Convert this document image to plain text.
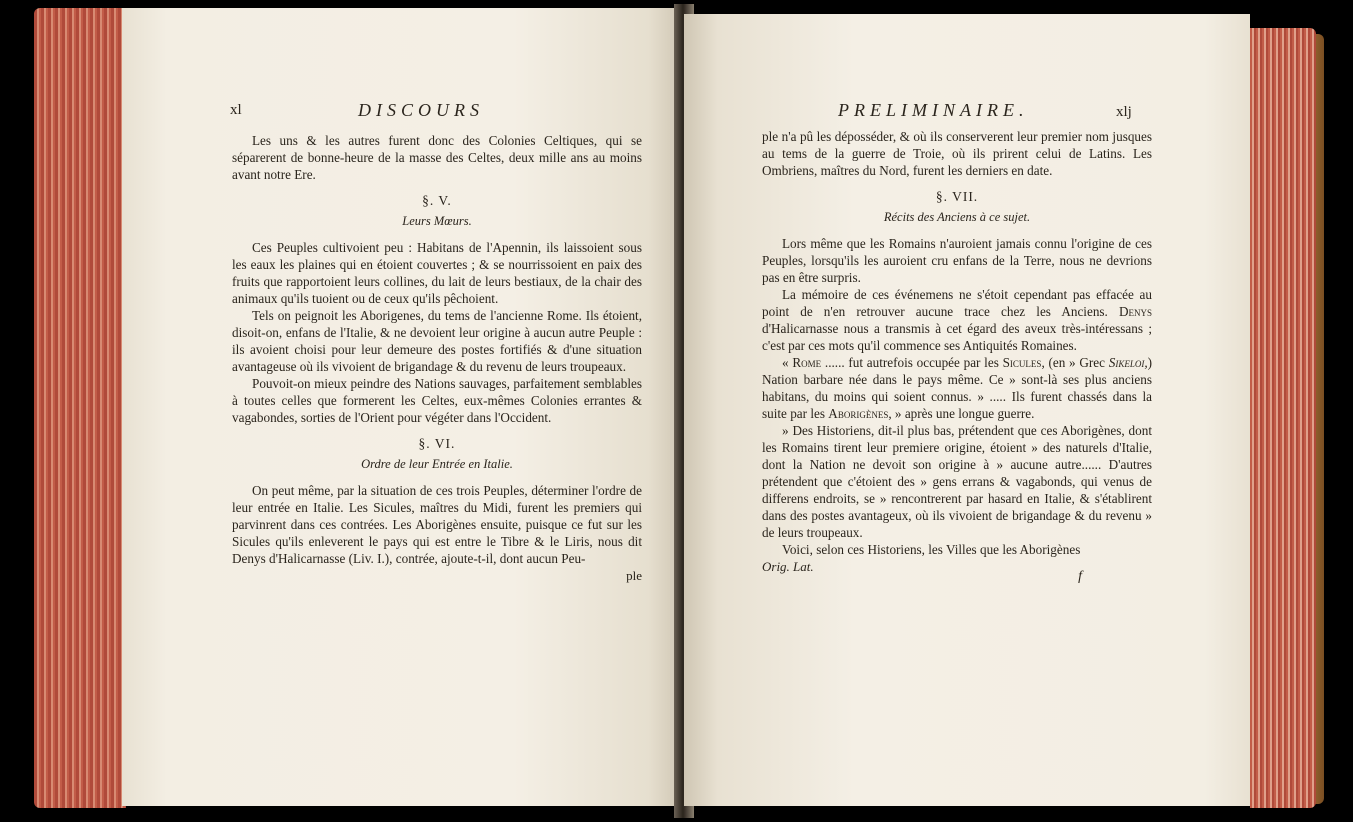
xl	DISCOURS

Les uns & les autres furent donc des Colonies Celtiques, qui se séparerent de bonne-heure de la masse des Celtes, deux mille ans au moins avant notre Ere.

§. V.
Leurs Mœurs.

Ces Peuples cultivoient peu : Habitans de l'Apennin, ils laissoient sous les eaux les plaines qui en étoient couvertes ; & se nourrissoient en paix des fruits que rapportoient leurs collines, du lait de leurs bestiaux, de la chair des animaux qu'ils tuoient ou de ceux qu'ils pêchoient.

Tels on peignoit les Aborigenes, du tems de l'ancienne Rome. Ils étoient, disoit-on, enfans de l'Italie, & ne devoient leur origine à aucun autre Peuple : ils avoient choisi pour leur demeure des postes fortifiés & d'une situation avantageuse où ils vivoient de brigandage & du revenu de leurs troupeaux.

Pouvoit-on mieux peindre des Nations sauvages, parfaitement semblables à toutes celles que formerent les Celtes, eux-mêmes Colonies errantes & vagabondes, sorties de l'Orient pour végéter dans l'Occident.

§. VI.
Ordre de leur Entrée en Italie.

On peut même, par la situation de ces trois Peuples, déterminer l'ordre de leur entrée en Italie. Les Sicules, maîtres du Midi, furent les premiers qui parvinrent dans ces contrées. Les Aborigènes ensuite, puisque ce fut sur les Sicules qu'ils enleverent le pays qui est entre le Tibre & le Liris, nous dit Denys d'Halicarnasse (Liv. I.), contrée, ajoute-t-il, dont aucun Peu-

ple
PRELIMINAIRE.	xlj

ple n'a pû les déposséder, & où ils conserverent leur premier nom jusques au tems de la guerre de Troie, où ils prirent celui de Latins. Les Ombriens, maîtres du Nord, furent les derniers en date.

§. VII.
Récits des Anciens à ce sujet.

Lors même que les Romains n'auroient jamais connu l'origine de ces Peuples, lorsqu'ils les auroient cru enfans de la Terre, nous ne devrions pas en être surpris.

La mémoire de ces événemens ne s'étoit cependant pas effacée au point de n'en retrouver aucune trace chez les Anciens. Denys d'Halicarnasse nous a transmis à cet égard des aveux très-intéressans ; c'est par ces mots qu'il commence ses Antiquités Romaines.

« Rome ...... fut autrefois occupée par les Sicules, (en » Grec Sikeloi,) Nation barbare née dans le pays même. Ce » sont-là ses plus anciens habitans, du moins qui soient connus. » ..... Ils furent chassés dans la suite par les Aborigènes, » après une longue guerre.

» Des Historiens, dit-il plus bas, prétendent que ces Aborigènes, dont les Romains tirent leur premiere origine, étoient » des naturels d'Italie, dont la Nation ne devoit son origine à » aucune autre...... D'autres prétendent que c'étoient des » gens errans & vagabonds, qui venus de differens endroits, se » rencontrerent par hasard en Italie, & s'établirent dans des postes avantageux, où ils vivoient de brigandage & du revenu » de leurs troupeaux.

Voici, selon ces Historiens, les Villes que les Aborigènes

Orig. Lat.
f
